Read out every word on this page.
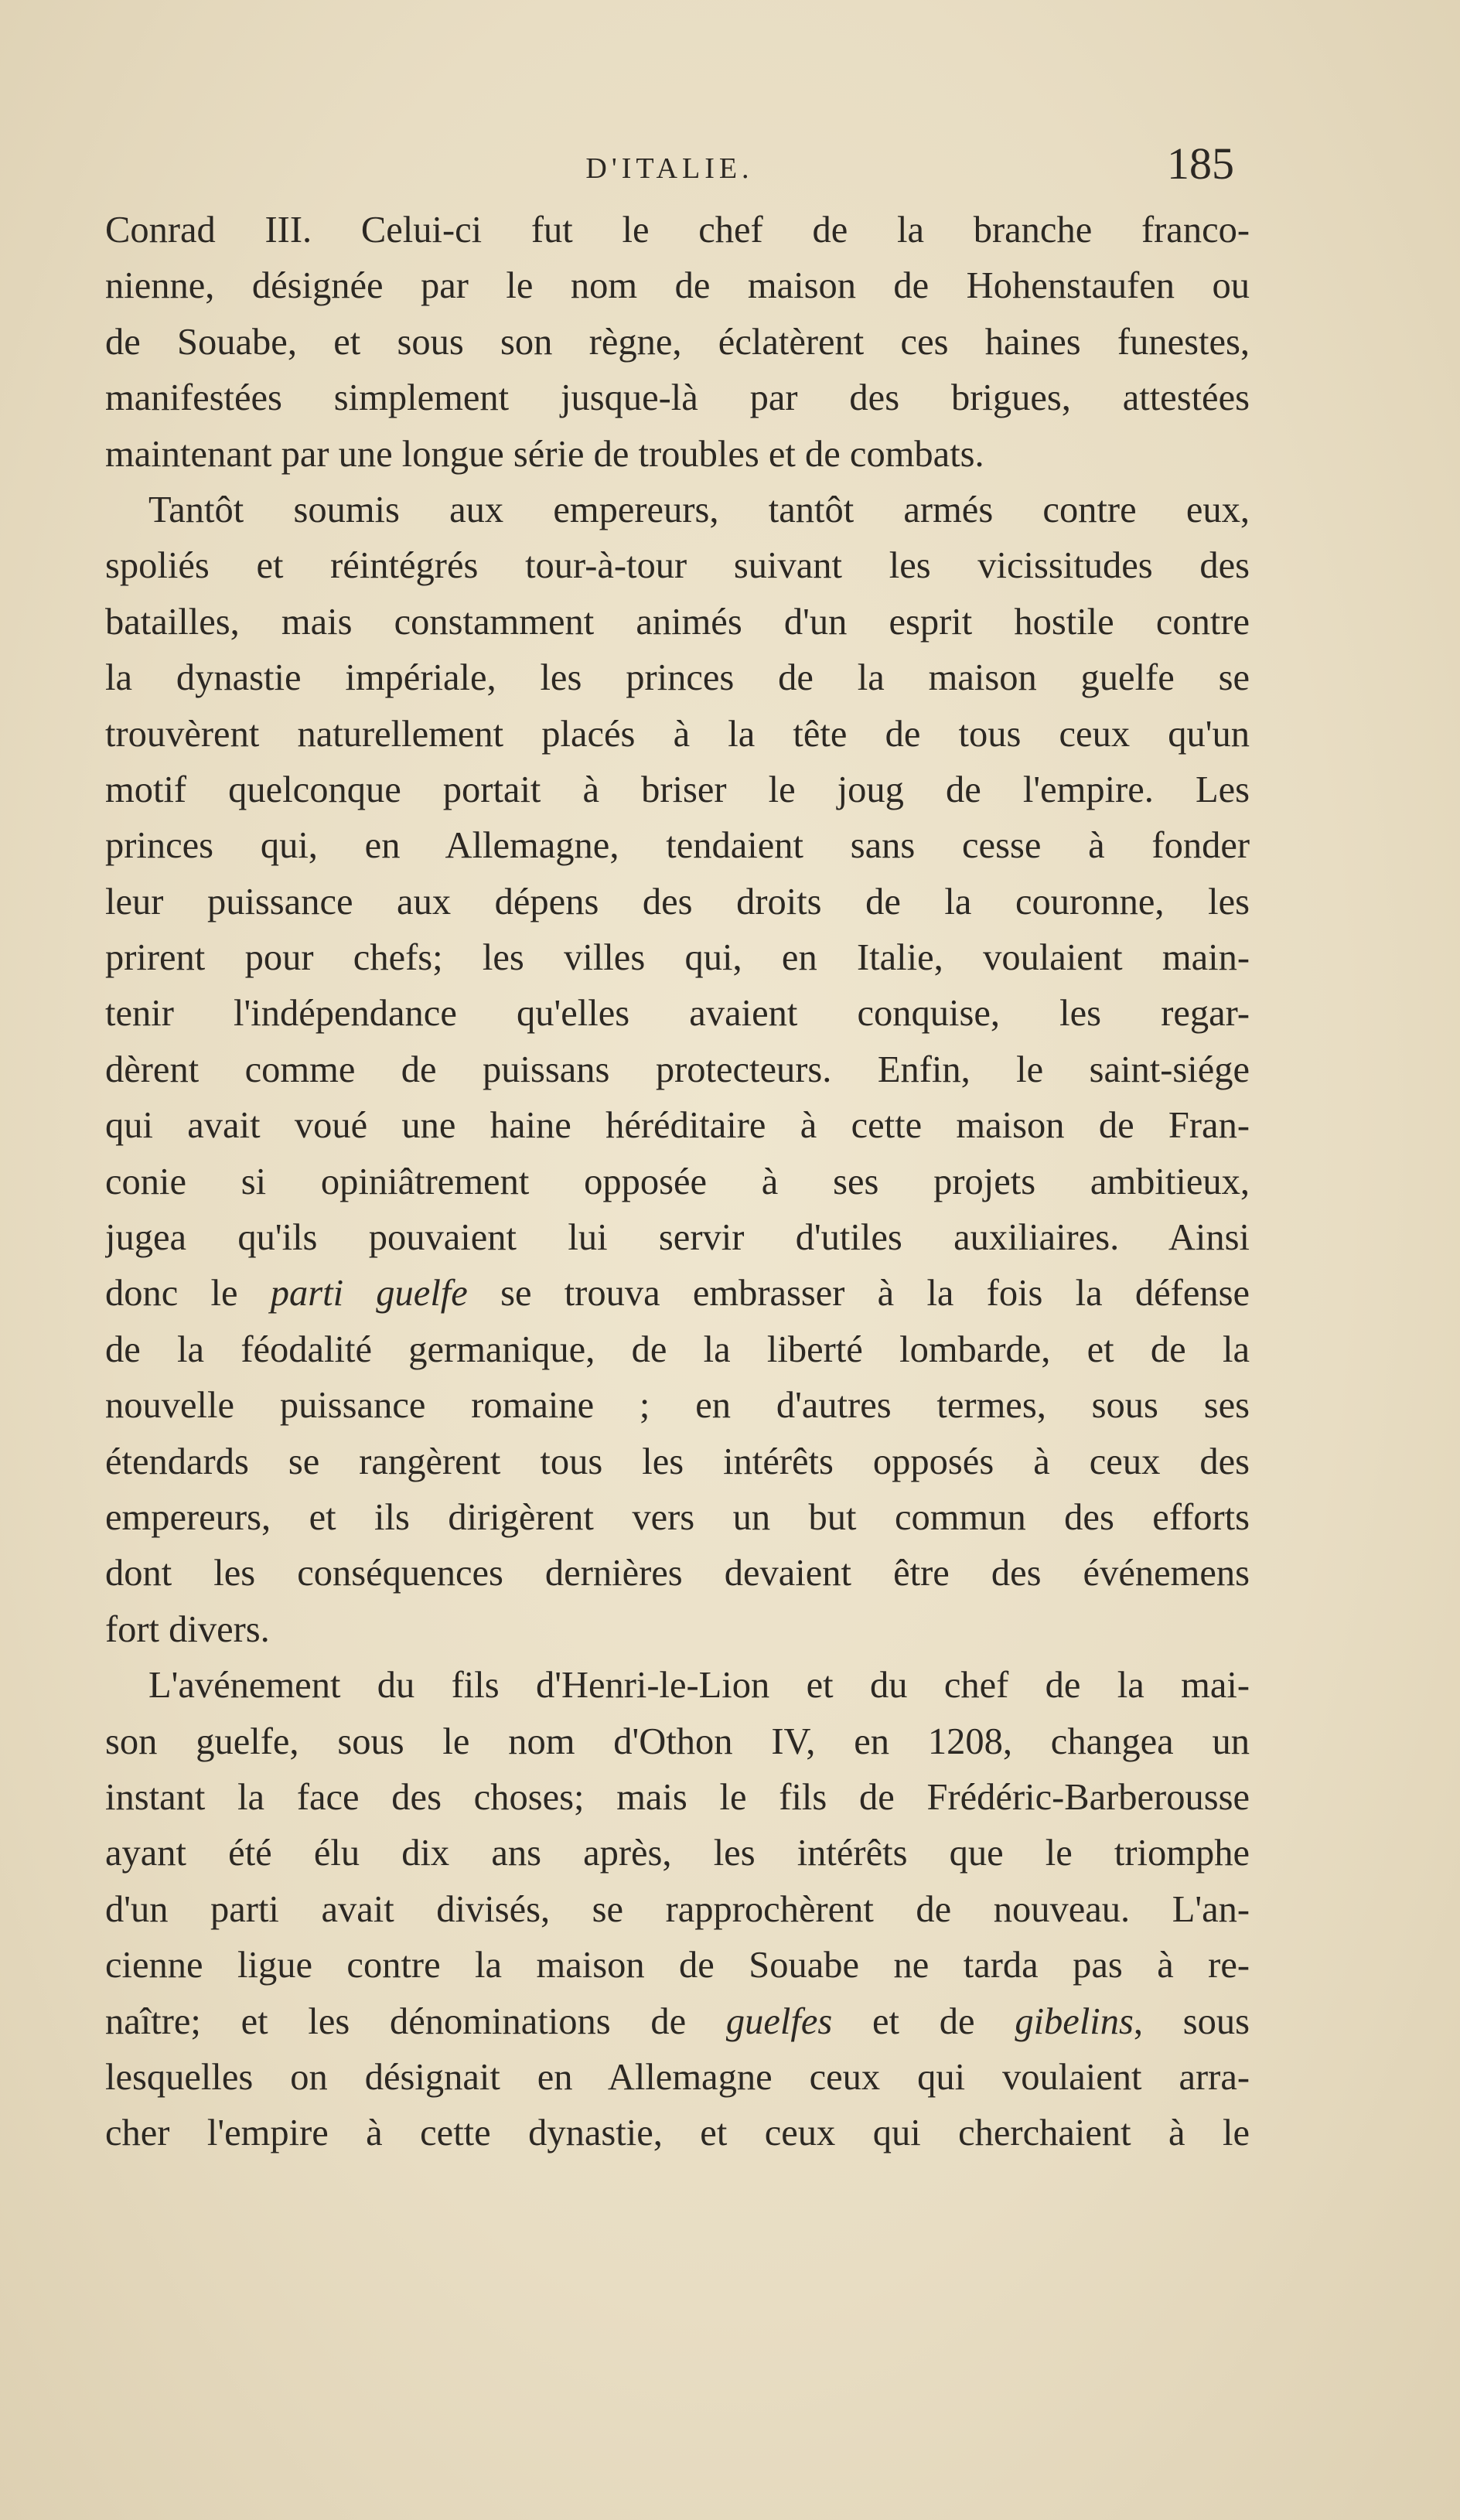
D'ITALIE.	185
Conrad III. Celui-ci fut le chef de la branche franco-
nienne, désignée par le nom de maison de Hohenstaufen ou
de Souabe, et sous son règne, éclatèrent ces haines funestes,
manifestées simplement jusque-là par des brigues, attestées
maintenant par une longue série de troubles et de combats.
Tantôt soumis aux empereurs, tantôt armés contre eux,
spoliés et réintégrés tour-à-tour suivant les vicissitudes des
batailles, mais constamment animés d'un esprit hostile contre
la dynastie impériale, les princes de la maison guelfe se
trouvèrent naturellement placés à la tête de tous ceux qu'un
motif quelconque portait à briser le joug de l'empire. Les
princes qui, en Allemagne, tendaient sans cesse à fonder
leur puissance aux dépens des droits de la couronne, les
prirent pour chefs; les villes qui, en Italie, voulaient main-
tenir l'indépendance qu'elles avaient conquise, les regar-
dèrent comme de puissans protecteurs. Enfin, le saint-siége
qui avait voué une haine héréditaire à cette maison de Fran-
conie si opiniâtrement opposée à ses projets ambitieux,
jugea qu'ils pouvaient lui servir d'utiles auxiliaires. Ainsi
donc le parti guelfe se trouva embrasser à la fois la défense
de la féodalité germanique, de la liberté lombarde, et de la
nouvelle puissance romaine ; en d'autres termes, sous ses
étendards se rangèrent tous les intérêts opposés à ceux des
empereurs, et ils dirigèrent vers un but commun des efforts
dont les conséquences dernières devaient être des événemens
fort divers.
L'avénement du fils d'Henri-le-Lion et du chef de la mai-
son guelfe, sous le nom d'Othon IV, en 1208, changea un
instant la face des choses; mais le fils de Frédéric-Barberousse
ayant été élu dix ans après, les intérêts que le triomphe
d'un parti avait divisés, se rapprochèrent de nouveau. L'an-
cienne ligue contre la maison de Souabe ne tarda pas à re-
naître; et les dénominations de guelfes et de gibelins, sous
lesquelles on désignait en Allemagne ceux qui voulaient arra-
cher l'empire à cette dynastie, et ceux qui cherchaient à le
